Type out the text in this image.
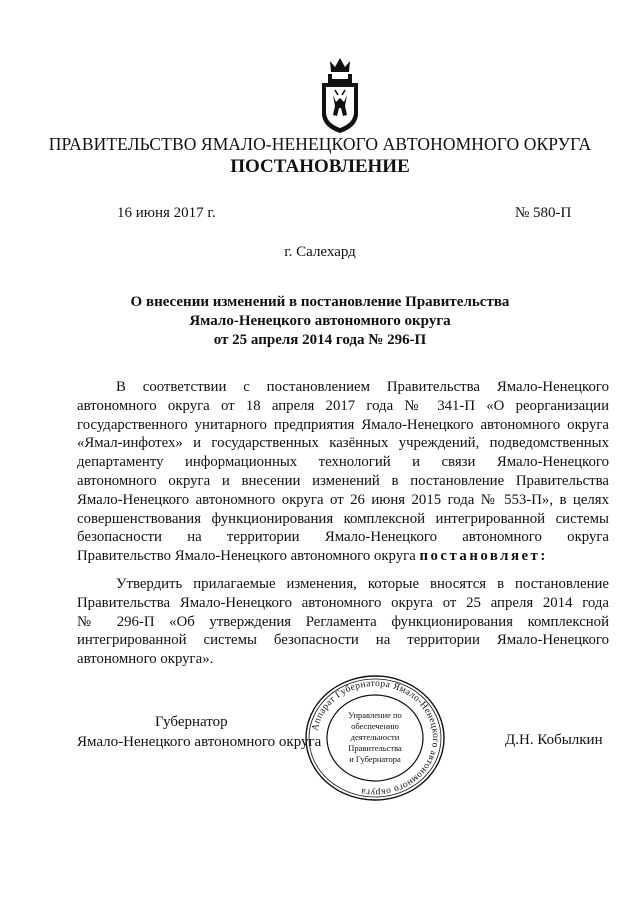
ПРАВИТЕЛЬСТВО ЯМАЛО-НЕНЕЦКОГО АВТОНОМНОГО ОКРУГА
ПОСТАНОВЛЕНИЕ
16 июня 2017 г.	№ 580-П
г. Салехард
О внесении изменений в постановление Правительства
Ямало-Ненецкого автономного округа
от 25 апреля 2014 года № 296-П
В соответствии с постановлением Правительства Ямало-Ненецкого
автономного округа от 18 апреля 2017 года № 341-П «О реорганизации
государственного унитарного предприятия Ямало-Ненецкого автономного округа
«Ямал-инфотех» и государственных казённых учреждений, подведомственных
департаменту информационных технологий и связи Ямало-Ненецкого
автономного округа и внесении изменений в постановление Правительства
Ямало-Ненецкого автономного округа от 26 июня 2015 года № 553-П», в целях
совершенствования функционирования комплексной интегрированной системы
безопасности на территории Ямало-Ненецкого автономного округа
Правительство Ямало-Ненецкого автономного округа постановляет:
Утвердить прилагаемые изменения, которые вносятся в постановление
Правительства Ямало-Ненецкого автономного округа от 25 апреля 2014 года
№ 296-П «Об утверждения Регламента функционирования комплексной
интегрированной системы безопасности на территории Ямало-Ненецкого
автономного округа».
Губернатор
Ямало-Ненецкого автономного округа	Д.Н. Кобылкин
Аппарат Губернатора Ямало-Ненецкого автономного округа
Управление по
обеспечению
деятельности
Правительства
и Губернатора
